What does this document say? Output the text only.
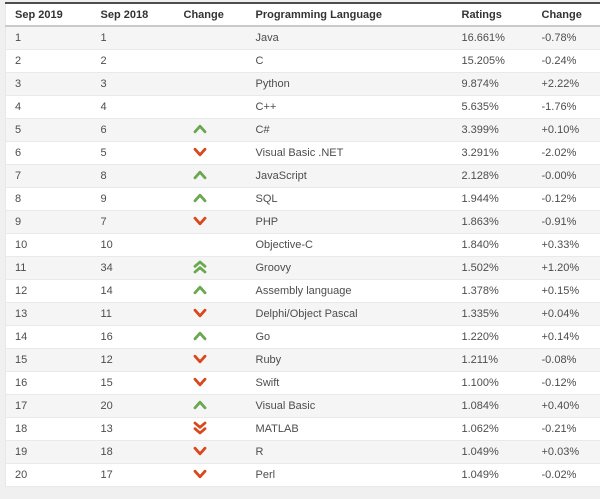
Sep 2019	Sep 2018	Change	Programming Language	Ratings	Change
1	1		Java	16.661%	-0.78%
2	2		C	15.205%	-0.24%
3	3		Python	9.874%	+2.22%
4	4		C++	5.635%	-1.76%
5	6		C#	3.399%	+0.10%
6	5		Visual Basic .NET	3.291%	-2.02%
7	8		JavaScript	2.128%	-0.00%
8	9		SQL	1.944%	-0.12%
9	7		PHP	1.863%	-0.91%
10	10		Objective-C	1.840%	+0.33%
11	34		Groovy	1.502%	+1.20%
12	14		Assembly language	1.378%	+0.15%
13	11		Delphi/Object Pascal	1.335%	+0.04%
14	16		Go	1.220%	+0.14%
15	12		Ruby	1.211%	-0.08%
16	15		Swift	1.100%	-0.12%
17	20		Visual Basic	1.084%	+0.40%
18	13		MATLAB	1.062%	-0.21%
19	18		R	1.049%	+0.03%
20	17		Perl	1.049%	-0.02%
